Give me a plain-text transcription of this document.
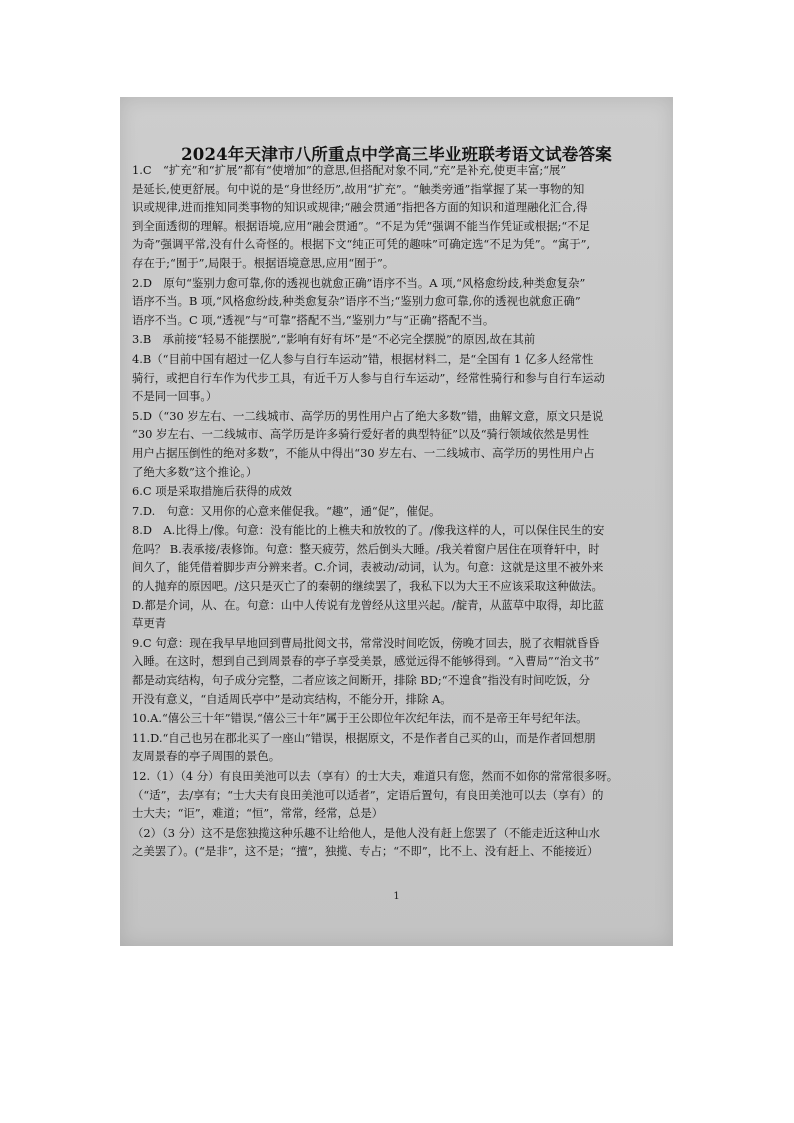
2024年天津市八所重点中学高三毕业班联考语文试卷答案

1.C　“扩充”和“扩展”都有“使增加”的意思,但搭配对象不同,“充”是补充,使更丰富;“展”
是延长,使更舒展。句中说的是“身世经历”,故用“扩充”。“触类旁通”指掌握了某一事物的知
识或规律,进而推知同类事物的知识或规律;“融会贯通”指把各方面的知识和道理融化汇合,得
到全面透彻的理解。根据语境,应用“融会贯通”。“不足为凭”强调不能当作凭证或根据;“不足
为奇”强调平常,没有什么奇怪的。根据下文“纯正可凭的趣味”可确定选“不足为凭”。“寓于”,
存在于;“囿于”,局限于。根据语境意思,应用“囿于”。

2.D　原句“鉴别力愈可靠,你的透视也就愈正确”语序不当。A 项,“风格愈纷歧,种类愈复杂”
语序不当。B 项,“风格愈纷歧,种类愈复杂”语序不当;“鉴别力愈可靠,你的透视也就愈正确”
语序不当。C 项,“透视”与“可靠”搭配不当,“鉴别力”与“正确”搭配不当。

3.B　承前接“轻易不能摆脱”,“影响有好有坏”是“不必完全摆脱”的原因,故在其前

4.B（“目前中国有超过一亿人参与自行车运动”错，根据材料二，是“全国有 1 亿多人经常性
骑行，或把自行车作为代步工具，有近千万人参与自行车运动”，经常性骑行和参与自行车运动
不是同一回事。）

5.D（“30 岁左右、一二线城市、高学历的男性用户占了绝大多数”错，曲解文意，原文只是说
“30 岁左右、一二线城市、高学历是许多骑行爱好者的典型特征”以及“骑行领域依然是男性
用户占据压倒性的绝对多数”，不能从中得出“30 岁左右、一二线城市、高学历的男性用户占
了绝大多数”这个推论。）

6.C 项是采取措施后获得的成效

7.D.　句意：又用你的心意来催促我。“趣”，通“促”，催促。

8.D　A.比得上/像。句意：没有能比的上樵夫和放牧的了。/像我这样的人，可以保住民生的安
危吗？ B.表承接/表修饰。句意：整天疲劳，然后倒头大睡。/我关着窗户居住在项脊轩中，时
间久了，能凭借着脚步声分辨来者。C.介词，表被动/动词，认为。句意：这就是这里不被外来
的人抛弃的原因吧。/这只是灭亡了的秦朝的继续罢了，我私下以为大王不应该采取这种做法。
D.都是介词，从、在。句意：山中人传说有龙曾经从这里兴起。/靛青，从蓝草中取得，却比蓝
草更青

9.C 句意：现在我早早地回到曹局批阅文书，常常没时间吃饭，傍晚才回去，脱了衣帽就昏昏
入睡。在这时，想到自己到周景春的亭子享受美景，感觉远得不能够得到。“入曹局”“治文书”
都是动宾结构，句子成分完整，二者应该之间断开，排除 BD;“不遑食”指没有时间吃饭，分
开没有意义，“自适周氏亭中”是动宾结构，不能分开，排除 A。

10.A.“僖公三十年”错误,“僖公三十年”属于王公即位年次纪年法，而不是帝王年号纪年法。

11.D.“自己也另在郡北买了一座山”错误，根据原文，不是作者自己买的山，而是作者回想朋
友周景春的亭子周围的景色。

12.（1）（4 分）有良田美池可以去（享有）的士大夫，难道只有您，然而不如你的常常很多呀。
（“适”，去/享有；“士大夫有良田美池可以适者”，定语后置句，有良田美池可以去（享有）的
士大夫；“讵”，难道；“恒”，常常，经常，总是）

（2）（3 分）这不是您独揽这种乐趣不让给他人，是他人没有赶上您罢了（不能走近这种山水
之美罢了）。(“是非”，这不是；“擅”，独揽、专占；“不即”，比不上、没有赶上、不能接近）

1
